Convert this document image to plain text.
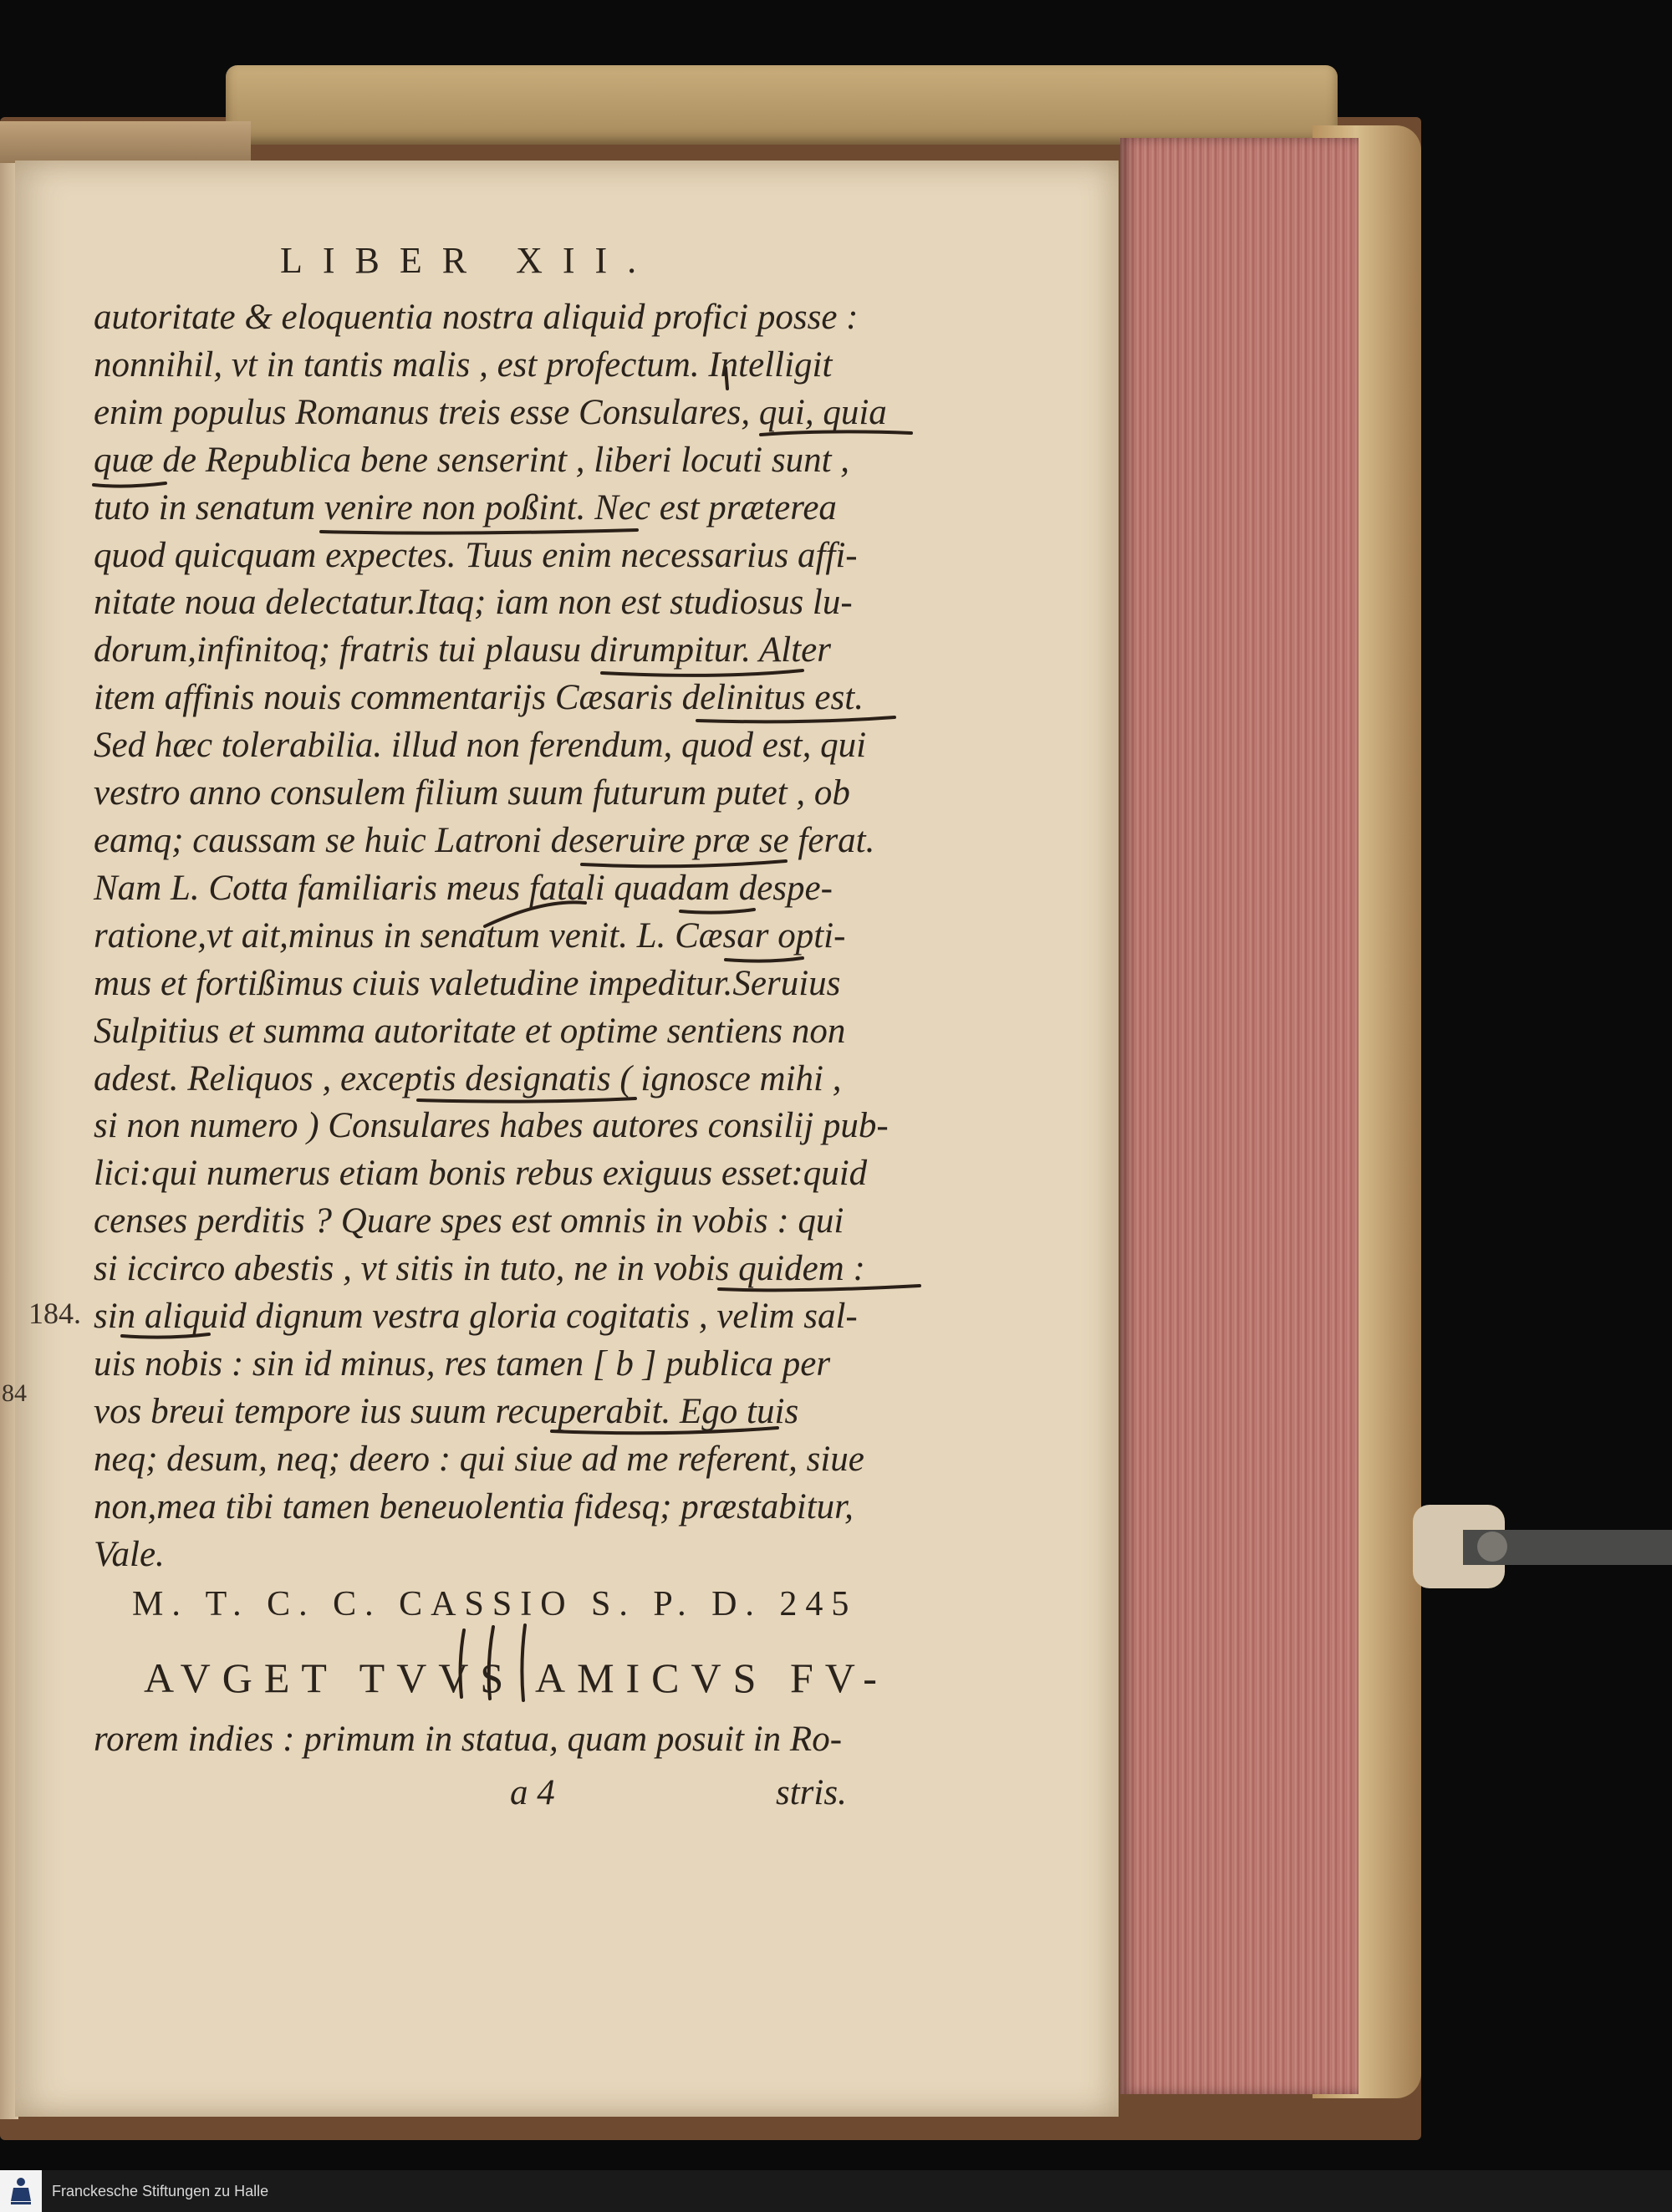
LIBER XII.
autoritate & eloquentia nostra aliquid profici posse :
nonnihil, vt in tantis malis , est profectum. Intelligit
enim populus Romanus treis esse Consulares, qui, quia
quæ de Republica bene senserint , liberi locuti sunt ,
tuto in senatum venire non poßint. Nec est præterea
quod quicquam expectes. Tuus enim necessarius affi-
nitate noua delectatur.Itaq; iam non est studiosus lu-
dorum,infinitoq; fratris tui plausu dirumpitur. Alter
item affinis nouis commentarijs Cæsaris delinitus est.
Sed hæc tolerabilia. illud non ferendum, quod est, qui
vestro anno consulem filium suum futurum putet , ob
eamq; caussam se huic Latroni deseruire præ se ferat.
Nam L. Cotta familiaris meus fatali quadam despe-
ratione,vt ait,minus in senatum venit. L. Cæsar opti-
mus et fortißimus ciuis valetudine impeditur.Seruius
Sulpitius et summa autoritate et optime sentiens non
adest. Reliquos , exceptis designatis ( ignosce mihi ,
si non numero ) Consulares habes autores consilij pub-
lici:qui numerus etiam bonis rebus exiguus esset:quid
censes perditis ? Quare spes est omnis in vobis : qui
si iccirco abestis , vt sitis in tuto, ne in vobis quidem :
sin aliquid dignum vestra gloria cogitatis , velim sal-
uis nobis : sin id minus, res tamen [ b ] publica per
vos breui tempore ius suum recuperabit. Ego tuis
neq; desum, neq; deero : qui siue ad me referent, siue
non,mea tibi tamen beneuolentia fidesq; præstabitur,
Vale.
184.
84
M. T. C. C. CASSIO S. P. D. 245
AVGET TVVS AMICVS FV-
rorem indies : primum in statua, quam posuit in Ro-
a 4	stris.
Franckesche Stiftungen zu Halle
